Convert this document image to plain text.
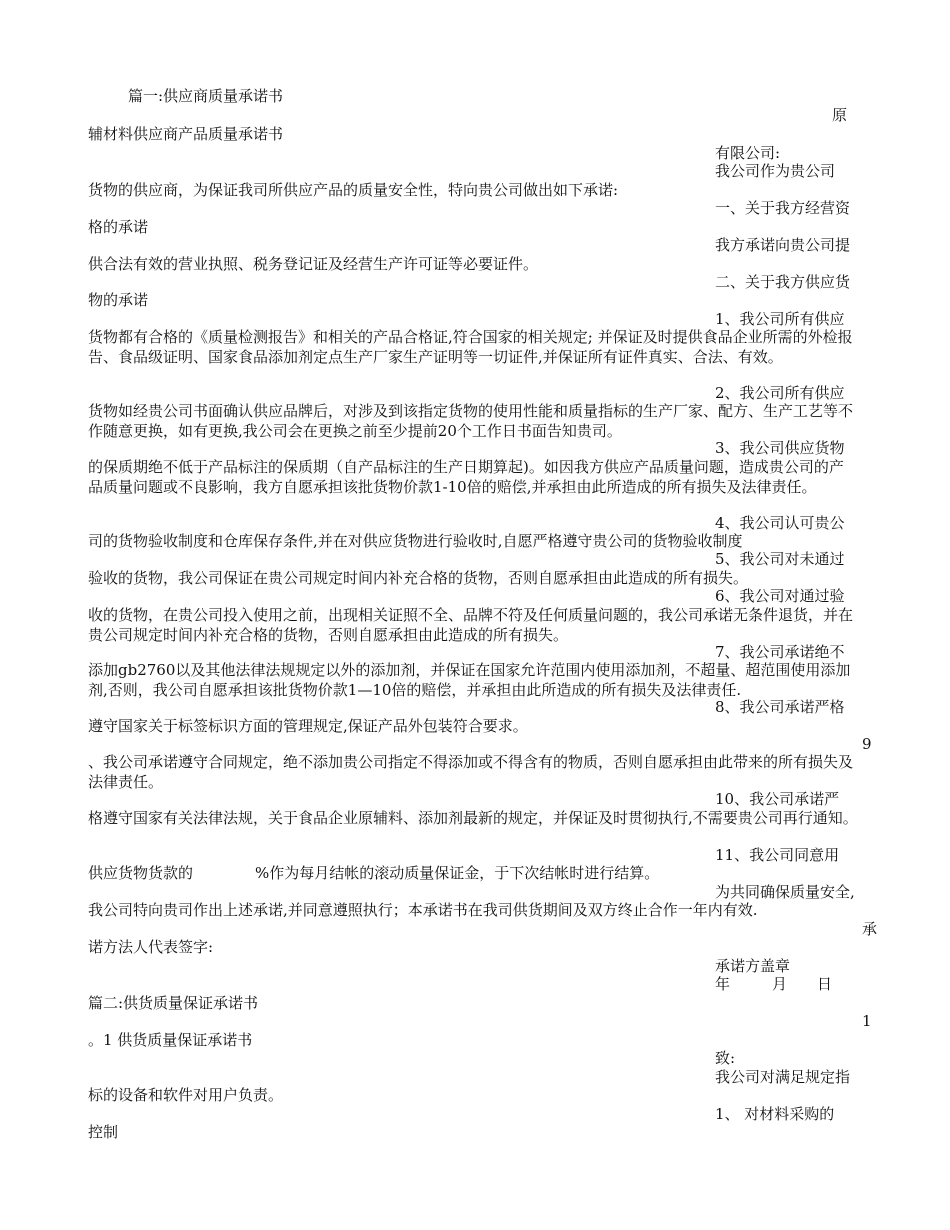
篇一:供应商质量承诺书
原
辅材料供应商产品质量承诺书
有限公司:
我公司作为贵公司
货物的供应商，为保证我司所供应产品的质量安全性，特向贵公司做出如下承诺:
一、关于我方经营资
格的承诺
我方承诺向贵公司提
供合法有效的营业执照、税务登记证及经营生产许可证等必要证件。
二、关于我方供应货
物的承诺
1、我公司所有供应
货物都有合格的《质量检测报告》和相关的产品合格证,符合国家的相关规定; 并保证及时提供食品企业所需的外检报告、食品级证明、国家食品添加剂定点生产厂家生产证明等一切证件,并保证所有证件真实、合法、有效。
2、我公司所有供应
货物如经贵公司书面确认供应品牌后，对涉及到该指定货物的使用性能和质量指标的生产厂家、配方、生产工艺等不作随意更换，如有更换,我公司会在更换之前至少提前20个工作日书面告知贵司。
3、我公司供应货物
的保质期绝不低于产品标注的保质期（自产品标注的生产日期算起)。如因我方供应产品质量问题，造成贵公司的产品质量问题或不良影响，我方自愿承担该批货物价款1-10倍的赔偿,并承担由此所造成的所有损失及法律责任。
4、我公司认可贵公
司的货物验收制度和仓库保存条件,并在对供应货物进行验收时,自愿严格遵守贵公司的货物验收制度
5、我公司对未通过
验收的货物，我公司保证在贵公司规定时间内补充合格的货物，否则自愿承担由此造成的所有损失。
6、我公司对通过验
收的货物，在贵公司投入使用之前，出现相关证照不全、品牌不符及任何质量问题的，我公司承诺无条件退货，并在贵公司规定时间内补充合格的货物，否则自愿承担由此造成的所有损失。
7、我公司承诺绝不
添加gb2760以及其他法律法规规定以外的添加剂，并保证在国家允许范围内使用添加剂，不超量、超范围使用添加剂,否则，我公司自愿承担该批货物价款1—10倍的赔偿，并承担由此所造成的所有损失及法律责任.
8、我公司承诺严格
遵守国家关于标签标识方面的管理规定,保证产品外包装符合要求。
9
、我公司承诺遵守合同规定，绝不添加贵公司指定不得添加或不得含有的物质，否则自愿承担由此带来的所有损失及法律责任。
10、我公司承诺严
格遵守国家有关法律法规，关于食品企业原辅料、添加剂最新的规定，并保证及时贯彻执行,不需要贵公司再行通知。
11、我公司同意用
供应货物货款的	%作为每月结帐的滚动质量保证金，于下次结帐时进行结算。
为共同确保质量安全,
我公司特向贵司作出上述承诺,并同意遵照执行；本承诺书在我司供货期间及双方终止合作一年内有效.
承
诺方法人代表签字:
承诺方盖章
年	月 日
篇二:供货质量保证承诺书
1
。1 供货质量保证承诺书
致:
我公司对满足规定指
标的设备和软件对用户负责。
1、 对材料采购的
控制
